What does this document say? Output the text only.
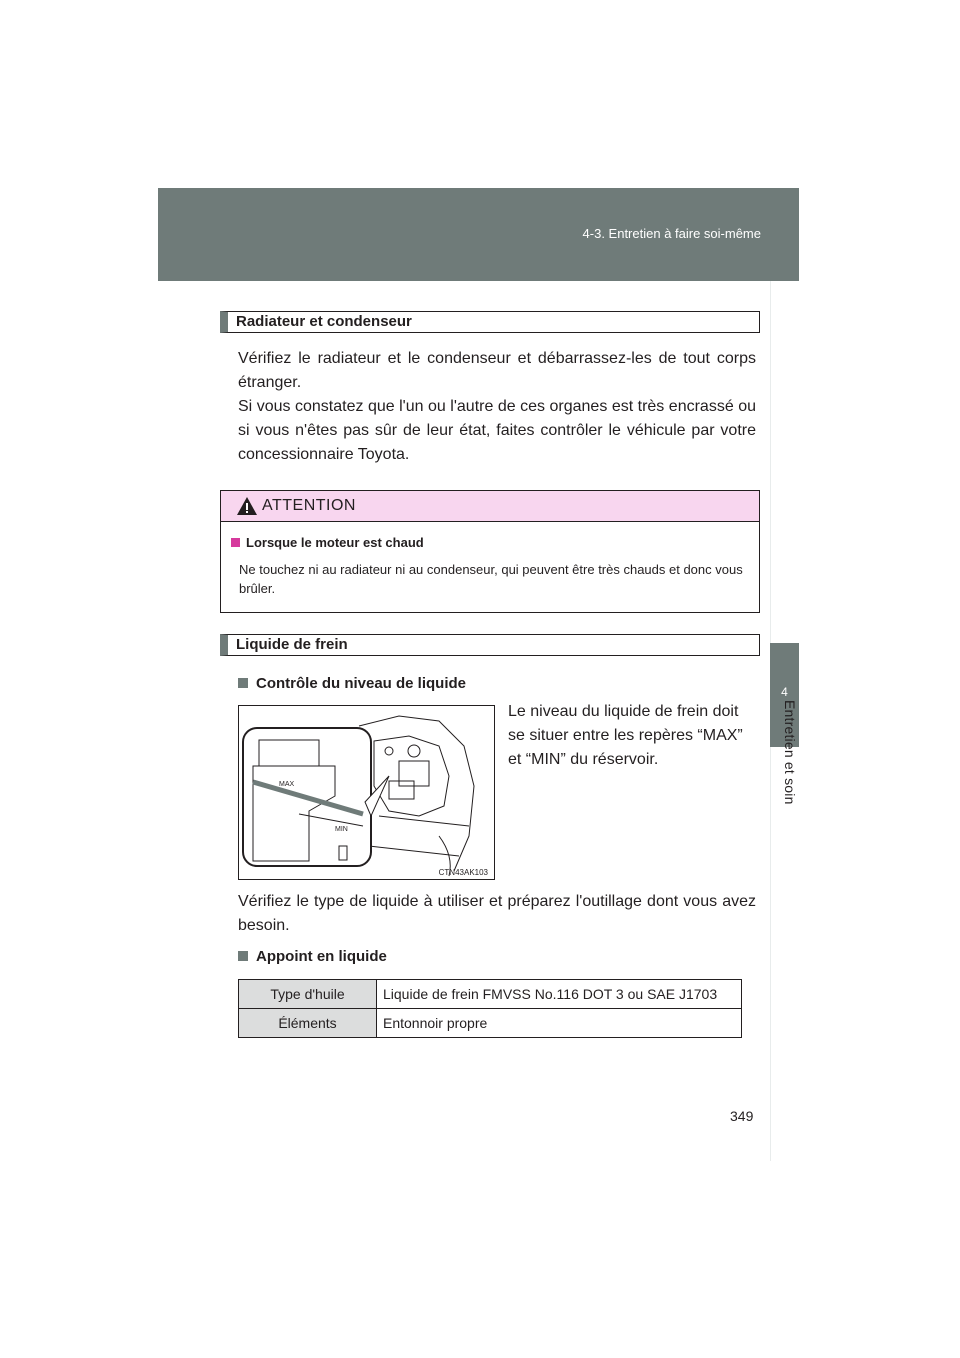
4-3. Entretien à faire soi-même
4
Entretien et soin
Radiateur et condenseur

Vérifiez le radiateur et le condenseur et débarrassez-les de tout corps étranger.
Si vous constatez que l'un ou l'autre de ces organes est très encrassé ou si vous n'êtes pas sûr de leur état, faites contrôler le véhicule par votre concessionnaire Toyota.

ATTENTION
Lorsque le moteur est chaud
Ne touchez ni au radiateur ni au condenseur, qui peuvent être très chauds et donc vous brûler.
Liquide de frein
Contrôle du niveau de liquide
MAX
MIN
CTN43AK103

Le niveau du liquide de frein doit se situer entre les repères “MAX” et “MIN” du réservoir.

Vérifiez le type de liquide à utiliser et préparez l'outillage dont vous avez besoin.

Appoint en liquide
Type d'huile	Liquide de frein FMVSS No.116 DOT 3 ou SAE J1703
Éléments	Entonnoir propre
349
